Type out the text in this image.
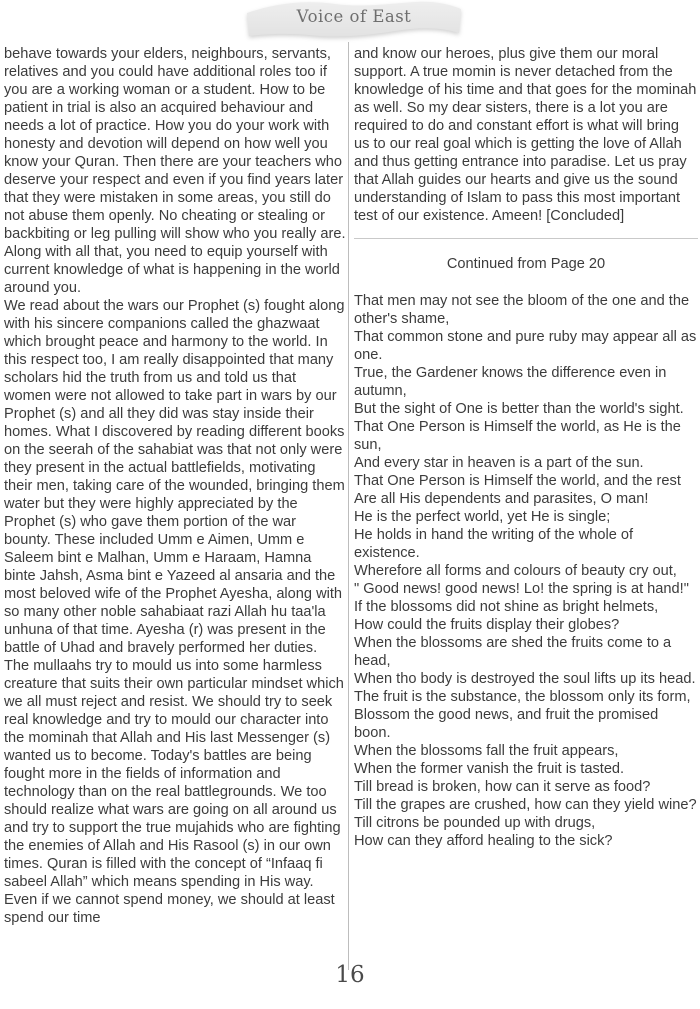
Voice of East

behave towards your elders, neighbours, servants, relatives and you could have additional roles too if you are a working woman or a student. How to be patient in trial is also an acquired behaviour and needs a lot of practice. How you do your work with honesty and devotion will depend on how well you know your Quran. Then there are your teachers who deserve your respect and even if you find years later that they were mistaken in some areas, you still do not abuse them openly. No cheating or stealing or backbiting or leg pulling will show who you really are. Along with all that, you need to equip yourself with current knowledge of what is happening in the world around you.

We read about the wars our Prophet (s) fought along with his sincere companions called the ghazwaat which brought peace and harmony to the world. In this respect too, I am really disappointed that many scholars hid the truth from us and told us that women were not allowed to take part in wars by our Prophet (s) and all they did was stay inside their homes. What I discovered by reading different books on the seerah of the sahabiat was that not only were they present in the actual battlefields, motivating their men, taking care of the wounded, bringing them water but they were highly appreciated by the Prophet (s) who gave them portion of the war bounty. These included Umm e Aimen, Umm e Saleem bint e Malhan, Umm e Haraam, Hamna binte Jahsh, Asma bint e Yazeed al ansaria and the most beloved wife of the Prophet Ayesha, along with so many other noble sahabiaat razi Allah hu taa'la unhuna of that time. Ayesha (r) was present in the battle of Uhad and bravely performed her duties. The mullaahs try to mould us into some harmless creature that suits their own particular mindset which we all must reject and resist. We should try to seek real knowledge and try to mould our character into the mominah that Allah and His last Messenger (s) wanted us to become. Today's battles are being

fought more in the fields of information and technology than on the real battlegrounds. We too should realize what wars are going on all around us and try to support the true mujahids who are fighting the enemies of Allah and His Rasool (s) in our own times. Quran is filled with the concept of “Infaaq fi sabeel Allah” which means spending in His way. Even if we cannot spend money, we should at least spend our time

and know our heroes, plus give them our moral support. A true momin is never detached from the knowledge of his time and that goes for the mominah as well. So my dear sisters, there is a lot you are required to do and constant effort is what will bring us to our real goal which is getting the love of Allah and thus getting entrance into paradise. Let us pray that Allah guides our hearts and give us the sound understanding of Islam to pass this most important test of our existence. Ameen! [Concluded]

Continued from Page 20
That men may not see the bloom of the one and the other's shame,
That common stone and pure ruby may appear all as one.
True, the Gardener knows the difference even in autumn,
But the sight of One is better than the world's sight.
That One Person is Himself the world, as He is the sun,
And every star in heaven is a part of the sun.
That One Person is Himself the world, and the rest
Are all His dependents and parasites, O man!
He is the perfect world, yet He is single;
He holds in hand the writing of the whole of existence.
Wherefore all forms and colours of beauty cry out,
" Good news! good news! Lo! the spring is at hand!"
If the blossoms did not shine as bright helmets,
How could the fruits display their globes?
When the blossoms are shed the fruits come to a head,
When tho body is destroyed the soul lifts up its head.
The fruit is the substance, the blossom only its form,
Blossom the good news, and fruit the promised boon.
When the blossoms fall the fruit appears,
When the former vanish the fruit is tasted.
Till bread is broken, how can it serve as food?
Till the grapes are crushed, how can they yield wine?
Till citrons be pounded up with drugs,
How can they afford healing to the sick?
16
